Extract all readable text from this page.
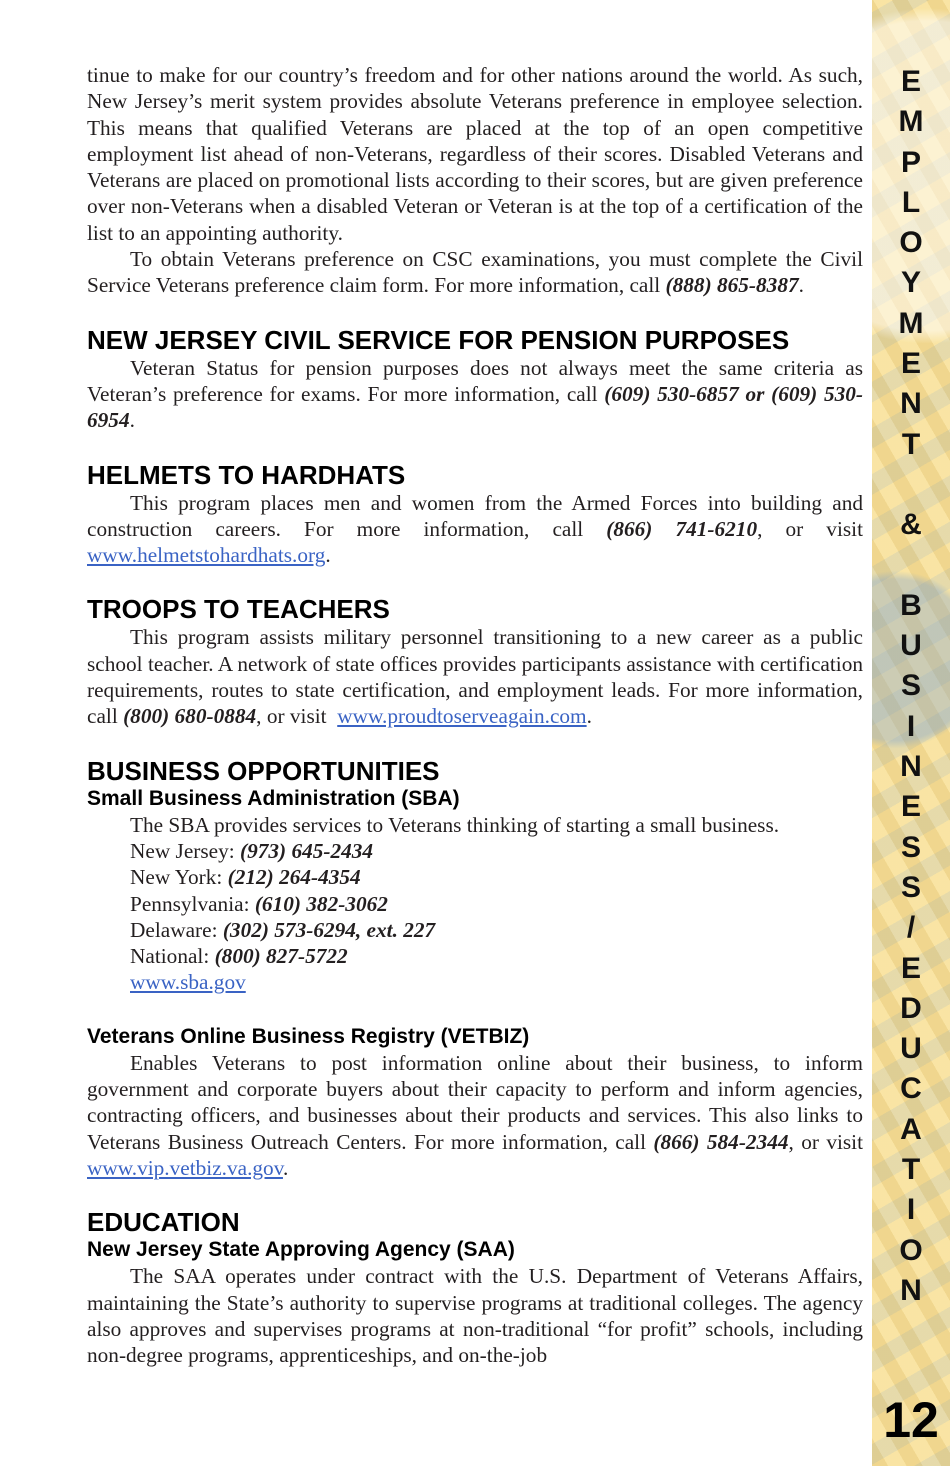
tinue to make for our country’s freedom and for other nations around the world. As such, New Jersey’s merit system provides absolute Veterans preference in employee selection. This means that qualified Veterans are placed at the top of an open competitive employment list ahead of non-Veterans, regardless of their scores. Disabled Veterans and Veterans are placed on promotional lists according to their scores, but are given preference over non-Veterans when a disabled Veteran or Veteran is at the top of a certification of the list to an appointing authority.

To obtain Veterans preference on CSC examinations, you must complete the Civil Service Veterans preference claim form. For more information, call (888) 865-8387.

NEW JERSEY CIVIL SERVICE FOR PENSION PURPOSES

Veteran Status for pension purposes does not always meet the same criteria as Veteran’s preference for exams. For more information, call (609) 530-6857 or (609) 530-6954.

HELMETS TO HARDHATS

This program places men and women from the Armed Forces into building and construction careers. For more information, call (866) 741-6210, or visit www.helmetstohardhats.org.

TROOPS TO TEACHERS

This program assists military personnel transitioning to a new career as a public school teacher. A network of state offices provides participants assistance with certification requirements, routes to state certification, and employment leads. For more information, call (800) 680-0884, or visit  www.proudtoserveagain.com.

BUSINESS OPPORTUNITIES
Small Business Administration (SBA)

The SBA provides services to Veterans thinking of starting a small business.

New Jersey: (973) 645-2434

New York: (212) 264-4354

Pennsylvania: (610) 382-3062

Delaware: (302) 573-6294, ext. 227

National: (800) 827-5722

www.sba.gov

Veterans Online Business Registry (VETBIZ)

Enables Veterans to post information online about their business, to inform government and corporate buyers about their capacity to perform and inform agencies, contracting officers, and businesses about their products and services. This also links to Veterans Business Outreach Centers. For more information, call (866) 584-2344, or visit www.vip.vetbiz.va.gov.

EDUCATION
New Jersey State Approving Agency (SAA)

The SAA operates under contract with the U.S. Department of Veterans Affairs, maintaining the State’s authority to supervise programs at traditional colleges. The agency also approves and supervises programs at non-traditional “for profit” schools, including non-degree programs, apprenticeships, and on-the-job

E
M
P
L
O
Y
M
E
N
T
&
B
U
S
I
N
E
S
S
/
E
D
U
C
A
T
I
O
N
12
